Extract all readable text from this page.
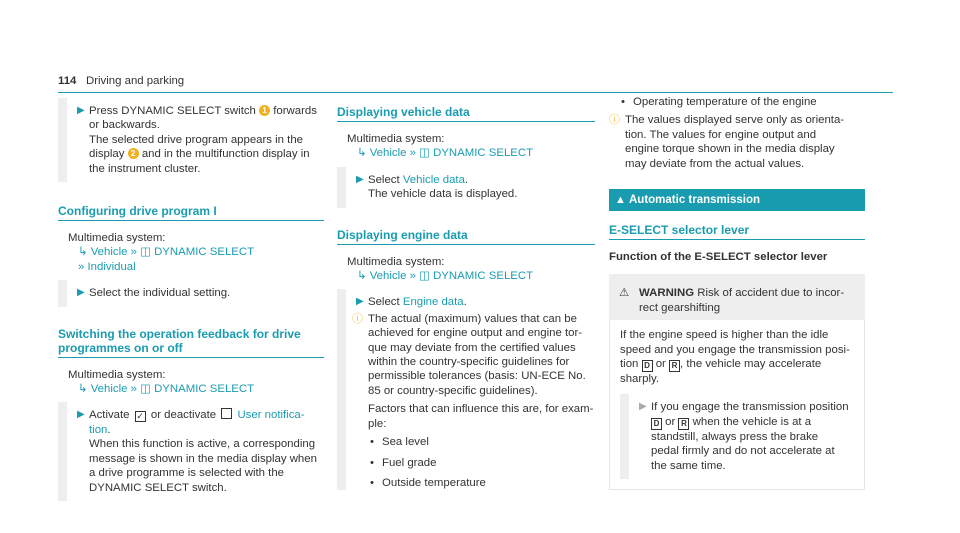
114 Driving and parking
▶ Press DYNAMIC SELECT switch 1 forwards
or backwards.
The selected drive program appears in the
display 2 and in the multifunction display in
the instrument cluster.
Configuring drive program I
Multimedia system:
↳ Vehicle » ◫ DYNAMIC SELECT
» Individual
▶ Select the individual setting.
Switching the operation feedback for drive
programmes on or off
Multimedia system:
↳ Vehicle » ◫ DYNAMIC SELECT
▶ Activate ✓ or deactivate User notifica-
tion.
When this function is active, a corresponding
message is shown in the media display when
a drive programme is selected with the
DYNAMIC SELECT switch.
Displaying vehicle data
Multimedia system:
↳ Vehicle » ◫ DYNAMIC SELECT
▶ Select Vehicle data.
The vehicle data is displayed.
Displaying engine data
Multimedia system:
↳ Vehicle » ◫ DYNAMIC SELECT
▶ Select Engine data.
ⓘ The actual (maximum) values that can be
achieved for engine output and engine tor-
que may deviate from the certified values
within the country-specific guidelines for
permissible tolerances (basis: UN-ECE No.
85 or country-specific guidelines).
Factors that can influence this are, for exam-
ple:
• Sea level
• Fuel grade
• Outside temperature
• Operating temperature of the engine
ⓘ The values displayed serve only as orienta-
tion. The values for engine output and
engine torque shown in the media display
may deviate from the actual values.
▲ Automatic transmission
E-SELECT selector lever
Function of the E-SELECT selector lever
⚠ WARNING Risk of accident due to incor-
rect gearshifting
If the engine speed is higher than the idle
speed and you engage the transmission posi-
tion D or R , the vehicle may accelerate
sharply.
▶ If you engage the transmission position
D or R when the vehicle is at a
standstill, always press the brake
pedal firmly and do not accelerate at
the same time.
